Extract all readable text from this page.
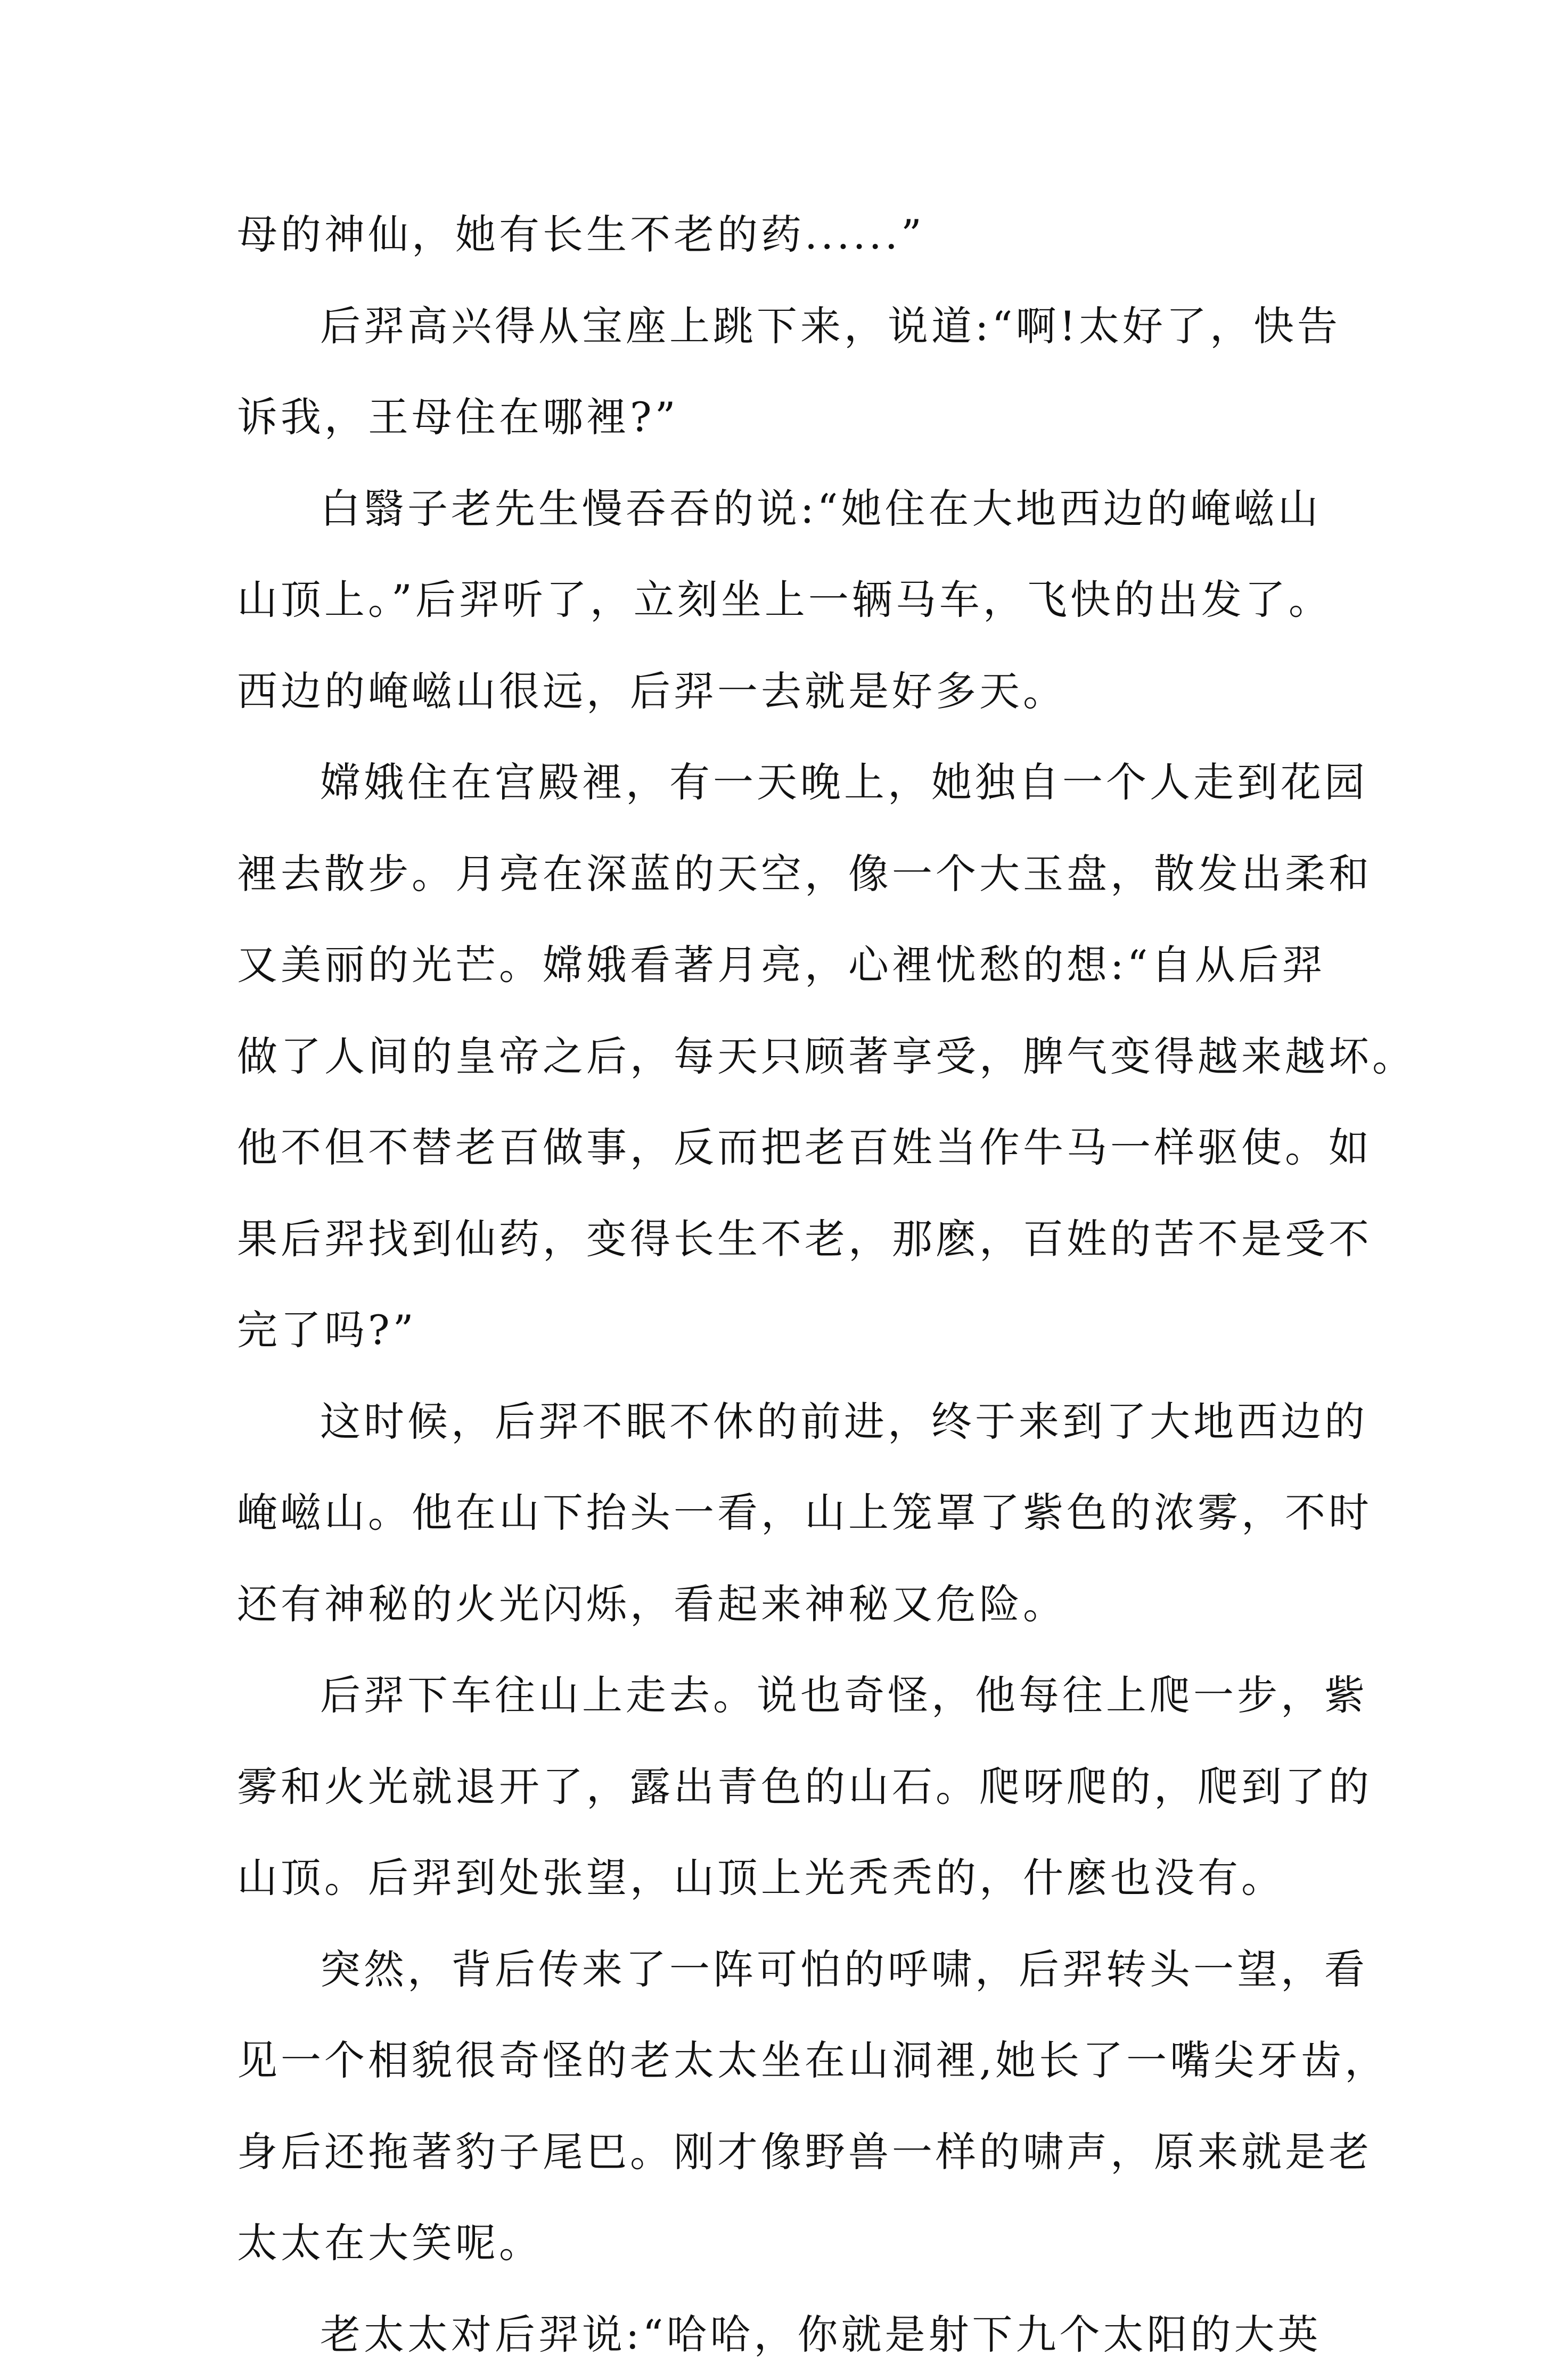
母的神仙，她有长生不老的药......”
后羿高兴得从宝座上跳下来，说道:“啊!太好了，快告
诉我，王母住在哪裡?”
白翳子老先生慢吞吞的说:“她住在大地西边的崦嵫山
山顶上。”后羿听了，立刻坐上一辆马车，飞快的出发了。
西边的崦嵫山很远，后羿一去就是好多天。
嫦娥住在宫殿裡，有一天晚上，她独自一个人走到花园
裡去散步。月亮在深蓝的天空，像一个大玉盘，散发出柔和
又美丽的光芒。嫦娥看著月亮，心裡忧愁的想:“自从后羿
做了人间的皇帝之后，每天只顾著享受，脾气变得越来越坏。
他不但不替老百做事，反而把老百姓当作牛马一样驱使。如
果后羿找到仙药，变得长生不老，那麽，百姓的苦不是受不
完了吗?”
这时候，后羿不眠不休的前进，终于来到了大地西边的
崦嵫山。他在山下抬头一看，山上笼罩了紫色的浓雾，不时
还有神秘的火光闪烁，看起来神秘又危险。
后羿下车往山上走去。说也奇怪，他每往上爬一步，紫
雾和火光就退开了，露出青色的山石。爬呀爬的，爬到了的
山顶。后羿到处张望，山顶上光秃秃的，什麽也没有。
突然，背后传来了一阵可怕的呼啸，后羿转头一望，看
见一个相貌很奇怪的老太太坐在山洞裡,她长了一嘴尖牙齿，
身后还拖著豹子尾巴。刚才像野兽一样的啸声，原来就是老
太太在大笑呢。
老太太对后羿说:“哈哈，你就是射下九个太阳的大英
